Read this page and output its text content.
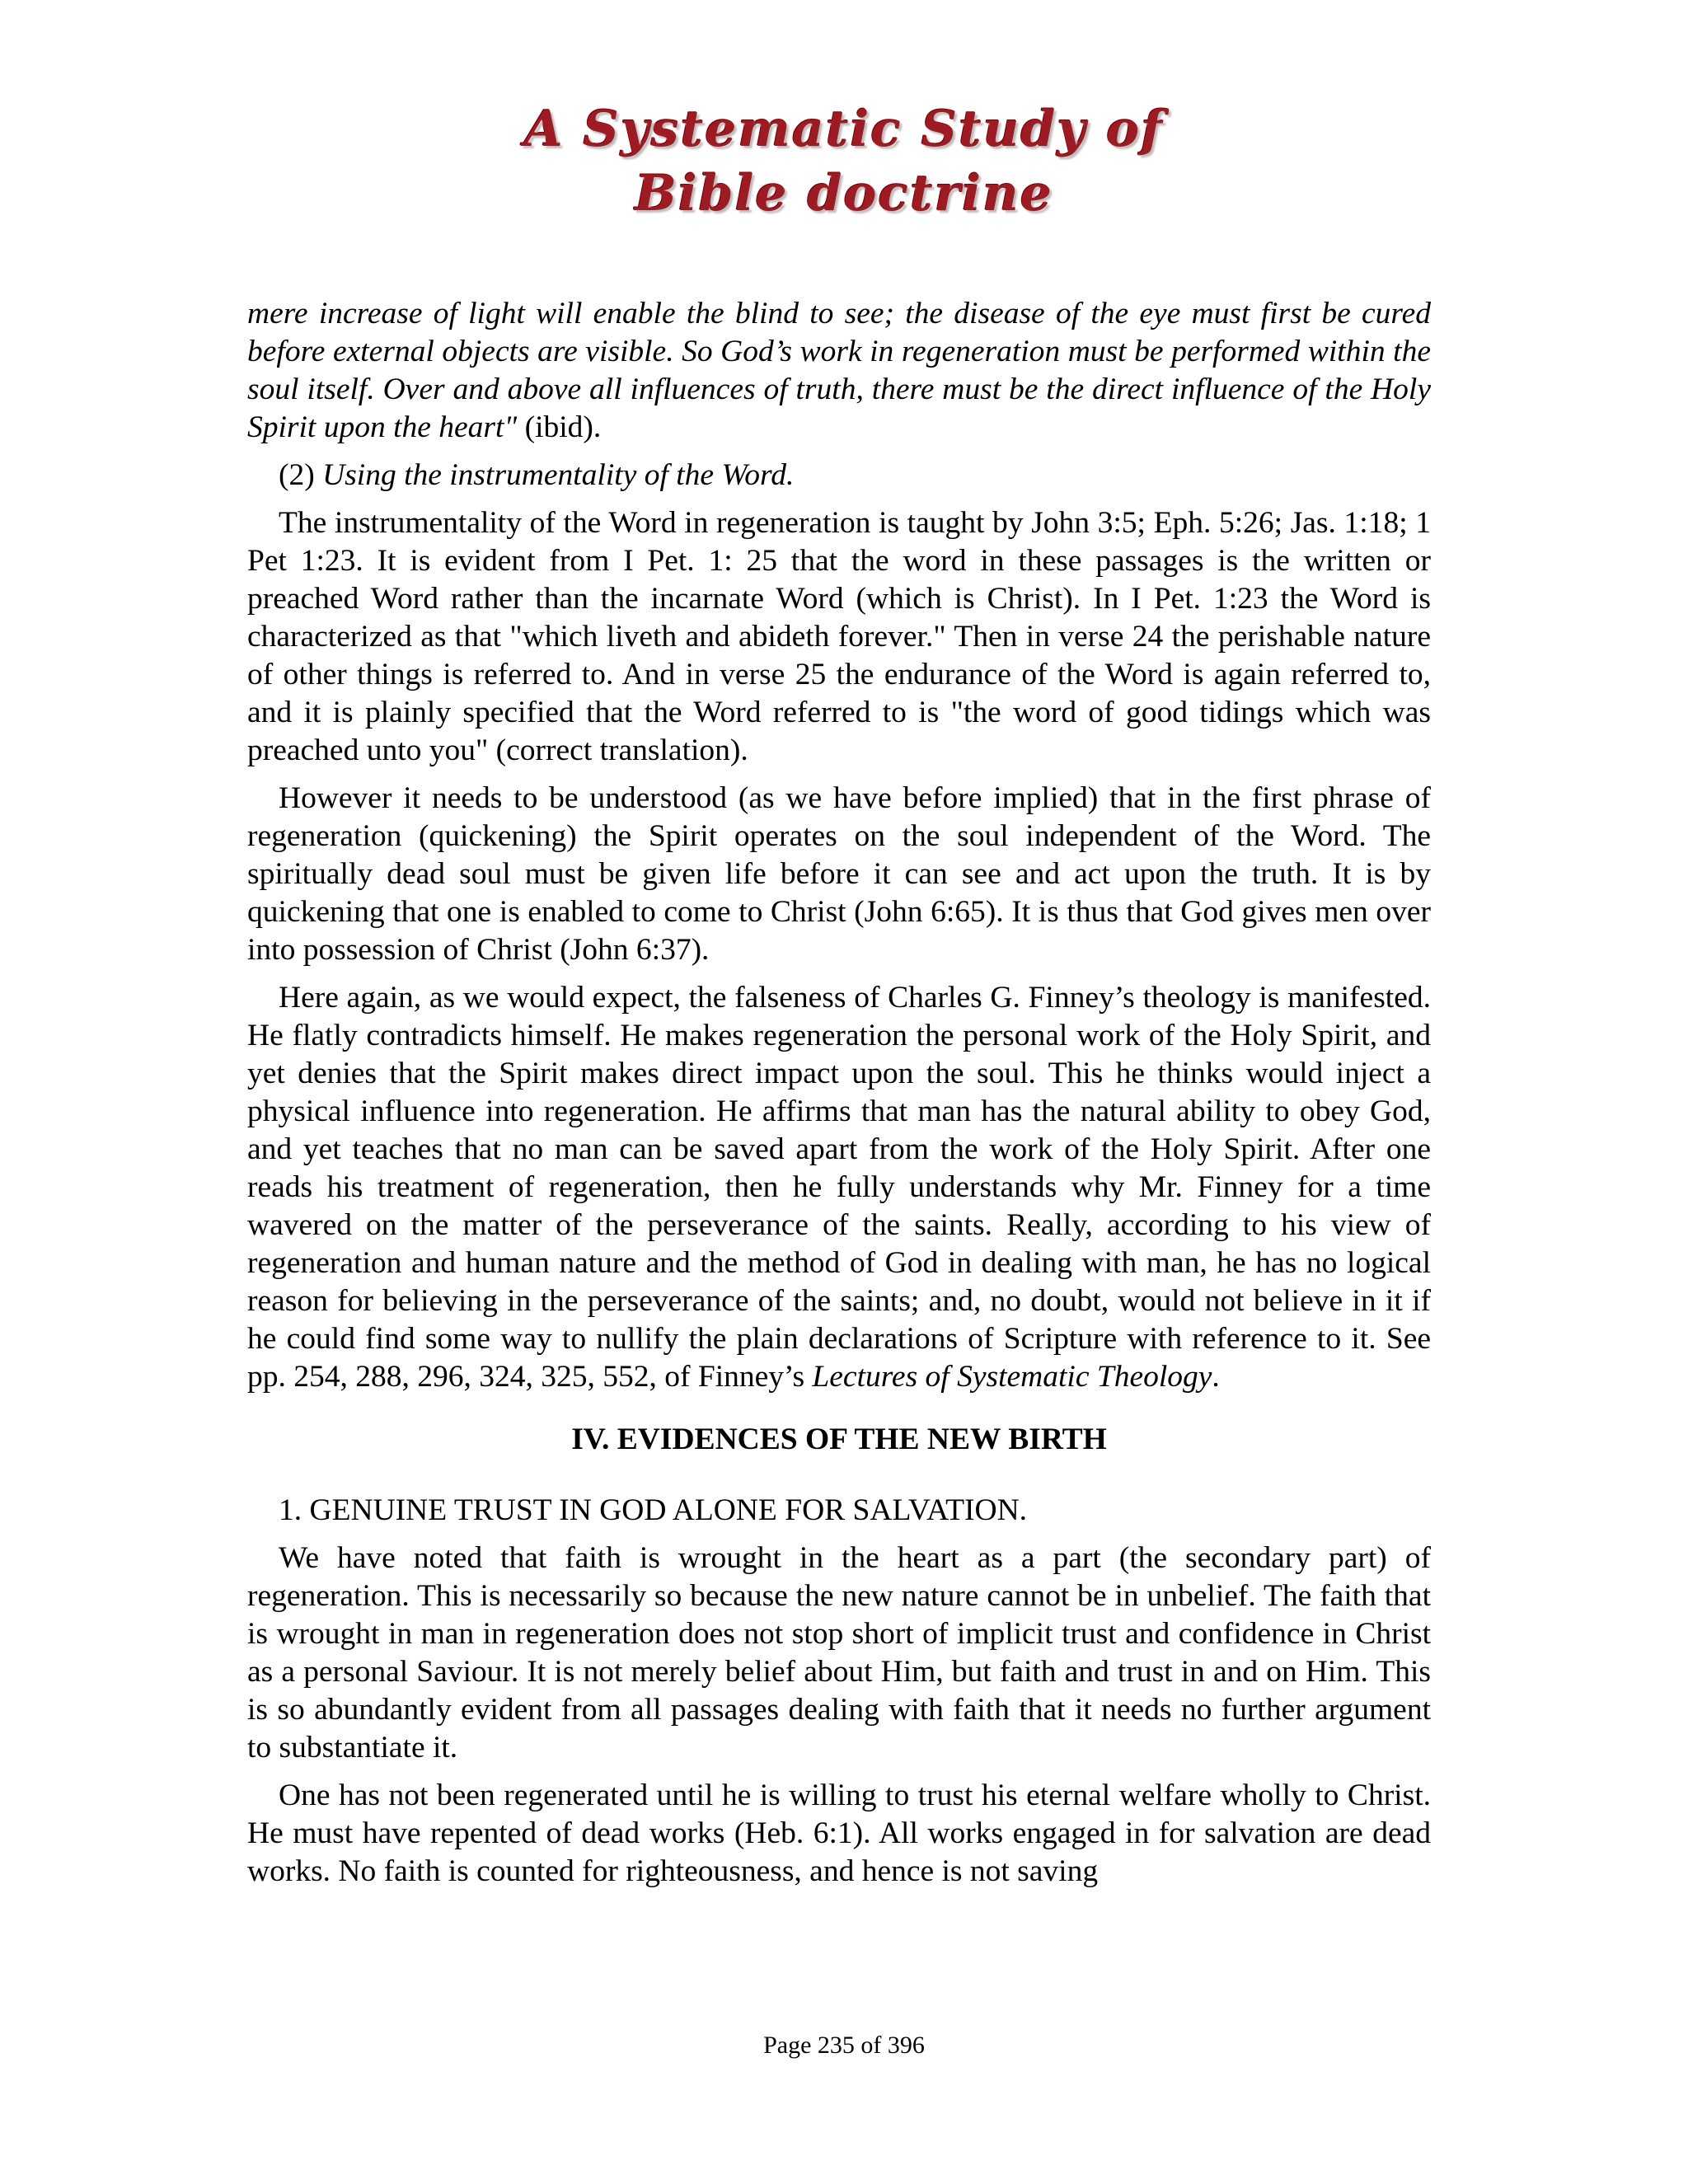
A Systematic Study of
Bible doctrine

mere increase of light will enable the blind to see; the disease of the eye must first be cured before external objects are visible. So God’s work in regeneration must be performed within the soul itself. Over and above all influences of truth, there must be the direct influence of the Holy Spirit upon the heart" (ibid).

(2) Using the instrumentality of the Word.

The instrumentality of the Word in regeneration is taught by John 3:5; Eph. 5:26; Jas. 1:18; 1 Pet 1:23. It is evident from I Pet. 1: 25 that the word in these passages is the written or preached Word rather than the incarnate Word (which is Christ). In I Pet. 1:23 the Word is characterized as that "which liveth and abideth forever." Then in verse 24 the perishable nature of other things is referred to. And in verse 25 the endurance of the Word is again referred to, and it is plainly specified that the Word referred to is "the word of good tidings which was preached unto you" (correct translation).

However it needs to be understood (as we have before implied) that in the first phrase of regeneration (quickening) the Spirit operates on the soul independent of the Word. The spiritually dead soul must be given life before it can see and act upon the truth. It is by quickening that one is enabled to come to Christ (John 6:65). It is thus that God gives men over into possession of Christ (John 6:37).

Here again, as we would expect, the falseness of Charles G. Finney’s theology is manifested. He flatly contradicts himself. He makes regeneration the personal work of the Holy Spirit, and yet denies that the Spirit makes direct impact upon the soul. This he thinks would inject a physical influence into regeneration. He affirms that man has the natural ability to obey God, and yet teaches that no man can be saved apart from the work of the Holy Spirit. After one reads his treatment of regeneration, then he fully understands why Mr. Finney for a time wavered on the matter of the perseverance of the saints. Really, according to his view of regeneration and human nature and the method of God in dealing with man, he has no logical reason for believing in the perseverance of the saints; and, no doubt, would not believe in it if he could find some way to nullify the plain declarations of Scripture with reference to it. See pp. 254, 288, 296, 324, 325, 552, of Finney’s Lectures of Systematic Theology.

IV. EVIDENCES OF THE NEW BIRTH

1. GENUINE TRUST IN GOD ALONE FOR SALVATION.

We have noted that faith is wrought in the heart as a part (the secondary part) of regeneration. This is necessarily so because the new nature cannot be in unbelief. The faith that is wrought in man in regeneration does not stop short of implicit trust and confidence in Christ as a personal Saviour. It is not merely belief about Him, but faith and trust in and on Him. This is so abundantly evident from all passages dealing with faith that it needs no further argument to substantiate it.

One has not been regenerated until he is willing to trust his eternal welfare wholly to Christ. He must have repented of dead works (Heb. 6:1). All works engaged in for salvation are dead works. No faith is counted for righteousness, and hence is not saving

Page 235 of 396
